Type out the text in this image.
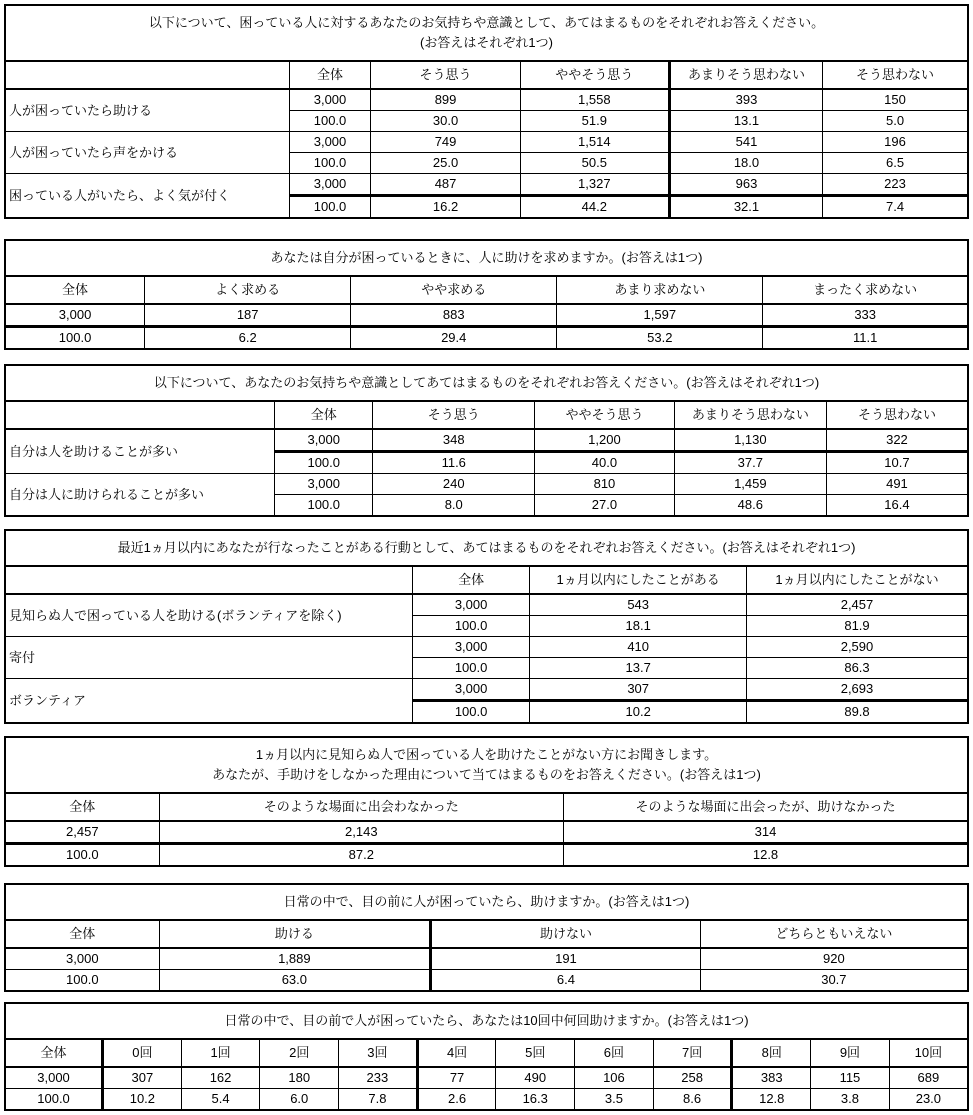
以下について、困っている人に対するあなたのお気持ちや意識として、あてはまるものをそれぞれお答えください。
(お答えはそれぞれ1つ)					

	全体	そう思う	ややそう思う	あまりそう思わない	そう思わない
人が困っていたら助ける	3,000	899	1,558	393	150
	100.0	30.0	51.9	13.1	5.0
人が困っていたら声をかける	3,000	749	1,514	541	196
	100.0	25.0	50.5	18.0	6.5
困っている人がいたら、よく気が付く	3,000	487	1,327	963	223
	100.0	16.2	44.2	32.1	7.4
あなたは自分が困っているときに、人に助けを求めますか。(お答えは1つ)				

全体	よく求める	やや求める	あまり求めない	まったく求めない
3,000	187	883	1,597	333
100.0	6.2	29.4	53.2	11.1
以下について、あなたのお気持ちや意識としてあてはまるものをそれぞれお答えください。(お答えはそれぞれ1つ)					

	全体	そう思う	ややそう思う	あまりそう思わない	そう思わない
自分は人を助けることが多い	3,000	348	1,200	1,130	322
	100.0	11.6	40.0	37.7	10.7
自分は人に助けられることが多い	3,000	240	810	1,459	491
	100.0	8.0	27.0	48.6	16.4
最近1ヵ月以内にあなたが行なったことがある行動として、あてはまるものをそれぞれお答えください。(お答えはそれぞれ1つ)			

	全体	1ヵ月以内にしたことがある	1ヵ月以内にしたことがない
見知らぬ人で困っている人を助ける(ボランティアを除く)	3,000	543	2,457
	100.0	18.1	81.9
寄付	3,000	410	2,590
	100.0	13.7	86.3
ボランティア	3,000	307	2,693
	100.0	10.2	89.8
1ヵ月以内に見知らぬ人で困っている人を助けたことがない方にお聞きします。
あなたが、手助けをしなかった理由について当てはまるものをお答えください。(お答えは1つ)		

全体	そのような場面に出会わなかった	そのような場面に出会ったが、助けなかった
2,457	2,143	314
100.0	87.2	12.8
日常の中で、目の前に人が困っていたら、助けますか。(お答えは1つ)			

全体	助ける	助けない	どちらともいえない
3,000	1,889	191	920
100.0	63.0	6.4	30.7
日常の中で、目の前で人が困っていたら、あなたは10回中何回助けますか。(お答えは1つ)											

全体	0回	1回	2回	3回	4回	5回	6回	7回	8回	9回	10回
3,000	307	162	180	233	77	490	106	258	383	115	689
100.0	10.2	5.4	6.0	7.8	2.6	16.3	3.5	8.6	12.8	3.8	23.0
